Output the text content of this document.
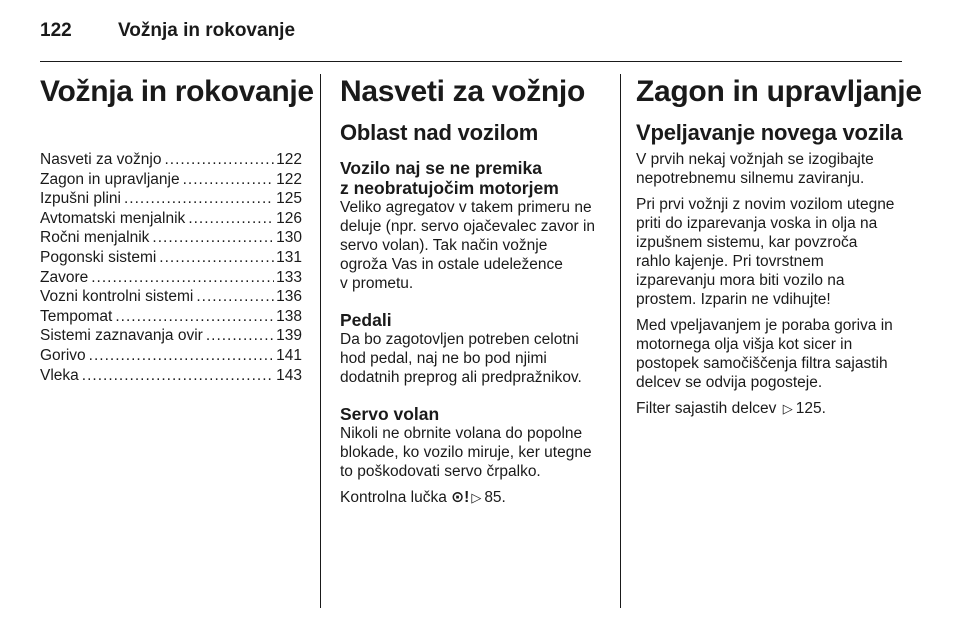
122 Vožnja in rokovanje
Vožnja in rokovanje
Nasveti za vožnjo .....	122
Zagon in upravljanje .....	122
Izpušni plini .....	125
Avtomatski menjalnik .....	126
Ročni menjalnik .....	130
Pogonski sistemi .....	131
Zavore .....	133
Vozni kontrolni sistemi .....	136
Tempomat .....	138
Sistemi zaznavanja ovir .....	139
Gorivo .....	141
Vleka .....	143
Nasveti za vožnjo
Oblast nad vozilom
Vozilo naj se ne premika
z neobratujočim motorjem
Veliko agregatov v takem primeru ne
deluje (npr. servo ojačevalec zavor in
servo volan). Tak način vožnje
ogroža Vas in ostale udeležence
v prometu.
Pedali
Da bo zagotovljen potreben celotni
hod pedal, naj ne bo pod njimi
dodatnih preprog ali predpražnikov.
Servo volan
Nikoli ne obrnite volana do popolne
blokade, ko vozilo miruje, ker utegne
to poškodovati servo črpalko.
Kontrolna lučka ⊙! ▷ 85.
Zagon in upravljanje
Vpeljavanje novega vozila
V prvih nekaj vožnjah se izogibajte
nepotrebnemu silnemu zaviranju.
Pri prvi vožnji z novim vozilom utegne
priti do izparevanja voska in olja na
izpušnem sistemu, kar povzroča
rahlo kajenje. Pri tovrstnem
izparevanju mora biti vozilo na
prostem. Izparin ne vdihujte!
Med vpeljavanjem je poraba goriva in
motornega olja višja kot sicer in
postopek samočiščenja filtra sajastih
delcev se odvija pogosteje.
Filter sajastih delcev ▷ 125.
